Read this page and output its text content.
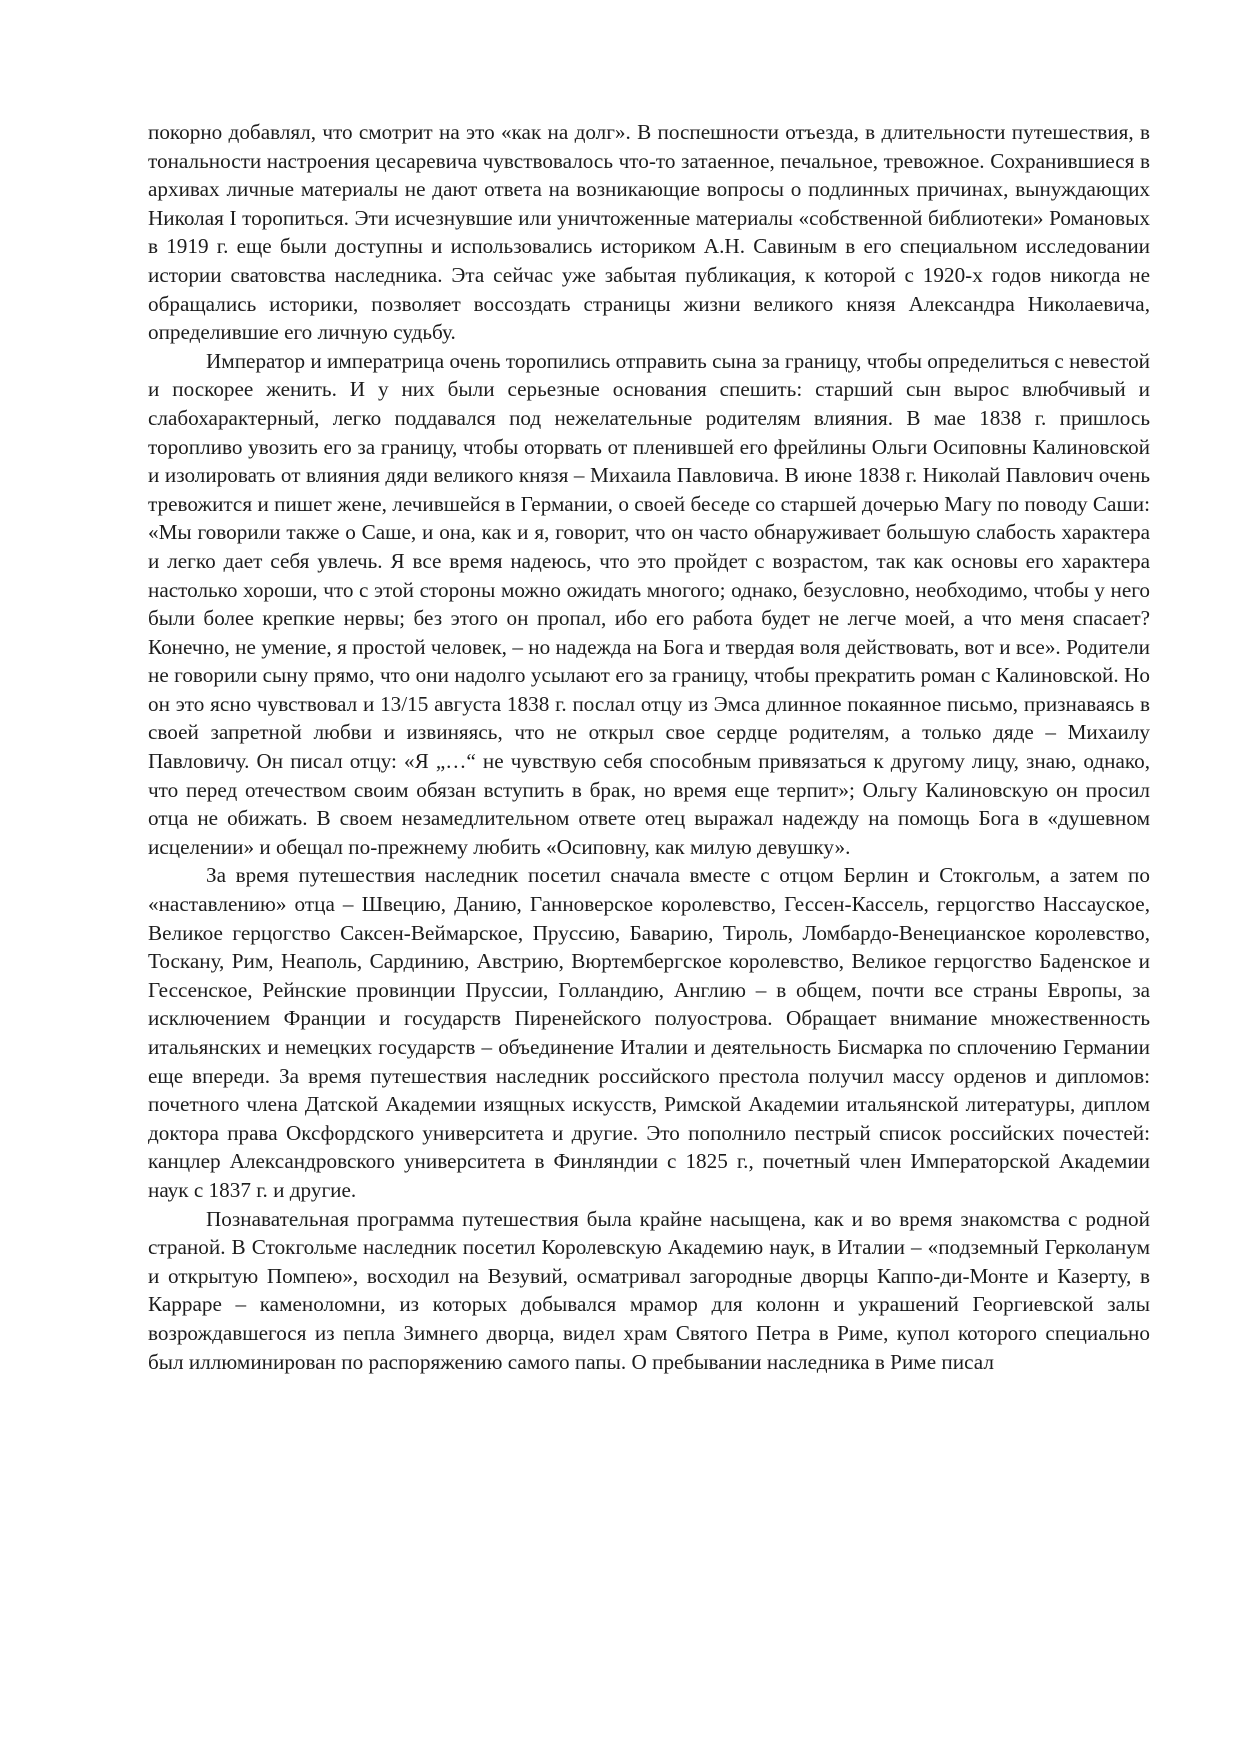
покорно добавлял, что смотрит на это «как на долг». В поспешности отъезда, в длительности путешествия, в тональности настроения цесаревича чувствовалось что-то затаенное, печальное, тревожное. Сохранившиеся в архивах личные материалы не дают ответа на возникающие вопросы о подлинных причинах, вынуждающих Николая I торопиться. Эти исчезнувшие или уничтоженные материалы «собственной библиотеки» Романовых в 1919 г. еще были доступны и использовались историком А.Н. Савиным в его специальном исследовании истории сватовства наследника. Эта сейчас уже забытая публикация, к которой с 1920-х годов никогда не обращались историки, позволяет воссоздать страницы жизни великого князя Александра Николаевича, определившие его личную судьбу.

Император и императрица очень торопились отправить сына за границу, чтобы определиться с невестой и поскорее женить. И у них были серьезные основания спешить: старший сын вырос влюбчивый и слабохарактерный, легко поддавался под нежелательные родителям влияния. В мае 1838 г. пришлось торопливо увозить его за границу, чтобы оторвать от пленившей его фрейлины Ольги Осиповны Калиновской и изолировать от влияния дяди великого князя – Михаила Павловича. В июне 1838 г. Николай Павлович очень тревожится и пишет жене, лечившейся в Германии, о своей беседе со старшей дочерью Магу по поводу Саши: «Мы говорили также о Саше, и она, как и я, говорит, что он часто обнаруживает большую слабость характера и легко дает себя увлечь. Я все время надеюсь, что это пройдет с возрастом, так как основы его характера настолько хороши, что с этой стороны можно ожидать многого; однако, безусловно, необходимо, чтобы у него были более крепкие нервы; без этого он пропал, ибо его работа будет не легче моей, а что меня спасает? Конечно, не умение, я простой человек, – но надежда на Бога и твердая воля действовать, вот и все». Родители не говорили сыну прямо, что они надолго усылают его за границу, чтобы прекратить роман с Калиновской. Но он это ясно чувствовал и 13/15 августа 1838 г. послал отцу из Эмса длинное покаянное письмо, признаваясь в своей запретной любви и извиняясь, что не открыл свое сердце родителям, а только дяде – Михаилу Павловичу. Он писал отцу: «Я „…“ не чувствую себя способным привязаться к другому лицу, знаю, однако, что перед отечеством своим обязан вступить в брак, но время еще терпит»; Ольгу Калиновскую он просил отца не обижать. В своем незамедлительном ответе отец выражал надежду на помощь Бога в «душевном исцелении» и обещал по-прежнему любить «Осиповну, как милую девушку».

За время путешествия наследник посетил сначала вместе с отцом Берлин и Стокгольм, а затем по «наставлению» отца – Швецию, Данию, Ганноверское королевство, Гессен-Кассель, герцогство Нассауское, Великое герцогство Саксен-Веймарское, Пруссию, Баварию, Тироль, Ломбардо-Венецианское королевство, Тоскану, Рим, Неаполь, Сардинию, Австрию, Вюртембергское королевство, Великое герцогство Баденское и Гессенское, Рейнские провинции Пруссии, Голландию, Англию – в общем, почти все страны Европы, за исключением Франции и государств Пиренейского полуострова. Обращает внимание множественность итальянских и немецких государств – объединение Италии и деятельность Бисмарка по сплочению Германии еще впереди. За время путешествия наследник российского престола получил массу орденов и дипломов: почетного члена Датской Академии изящных искусств, Римской Академии итальянской литературы, диплом доктора права Оксфордского университета и другие. Это пополнило пестрый список российских почестей: канцлер Александровского университета в Финляндии с 1825 г., почетный член Императорской Академии наук с 1837 г. и другие.

Познавательная программа путешествия была крайне насыщена, как и во время знакомства с родной страной. В Стокгольме наследник посетил Королевскую Академию наук, в Италии – «подземный Герколанум и открытую Помпею», восходил на Везувий, осматривал загородные дворцы Каппо-ди-Монте и Казерту, в Карраре – каменоломни, из которых добывался мрамор для колонн и украшений Георгиевской залы возрождавшегося из пепла Зимнего дворца, видел храм Святого Петра в Риме, купол которого специально был иллюминирован по распоряжению самого папы. О пребывании наследника в Риме писал
